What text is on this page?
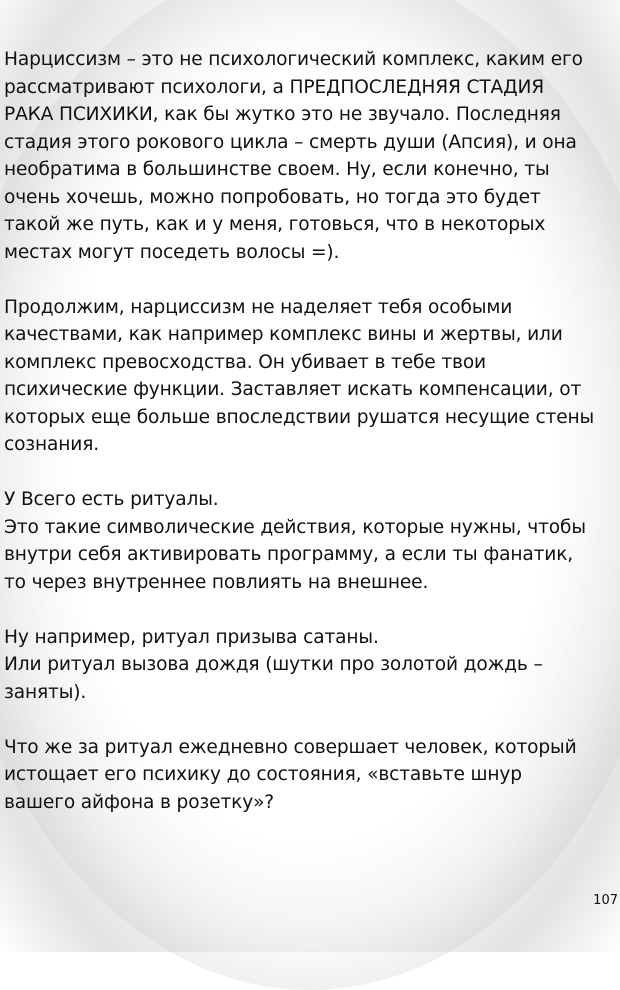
Нарциссизм – это не психологический комплекс, каким его
рассматривают психологи, а ПРЕДПОСЛЕДНЯЯ СТАДИЯ
РАКА ПСИХИКИ, как бы жутко это не звучало. Последняя
стадия этого рокового цикла – смерть души (Апсия), и она
необратима в большинстве своем. Ну, если конечно, ты
очень хочешь, можно попробовать, но тогда это будет
такой же путь, как и у меня, готовься, что в некоторых
местах могут поседеть волосы =).
Продолжим, нарциссизм не наделяет тебя особыми
качествами, как например комплекс вины и жертвы, или
комплекс превосходства. Он убивает в тебе твои
психические функции. Заставляет искать компенсации, от
которых еще больше впоследствии рушатся несущие стены
сознания.
У Всего есть ритуалы.
Это такие символические действия, которые нужны, чтобы
внутри себя активировать программу, а если ты фанатик,
то через внутреннее повлиять на внешнее.
Ну например, ритуал призыва сатаны.
Или ритуал вызова дождя (шутки про золотой дождь –
заняты).
Что же за ритуал ежедневно совершает человек, который
истощает его психику до состояния, «вставьте шнур
вашего айфона в розетку»?
107
